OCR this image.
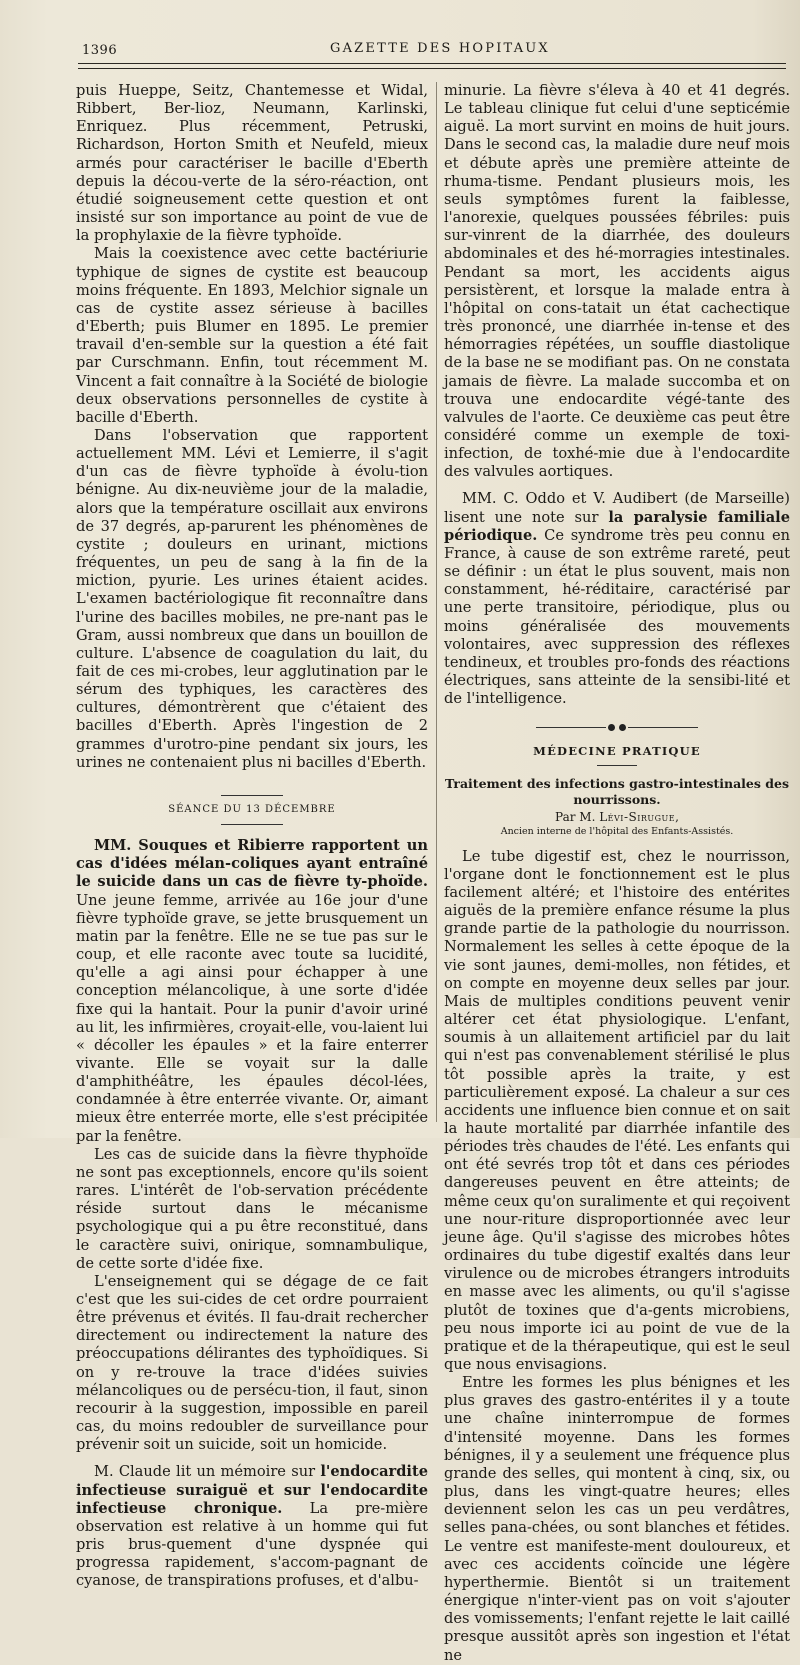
1396	GAZETTE DES HOPITAUX

puis Hueppe, Seitz, Chantemesse et Widal, Ribbert, Ber-lioz, Neumann, Karlinski, Enriquez. Plus récemment, Petruski, Richardson, Horton Smith et Neufeld, mieux armés pour caractériser le bacille d'Eberth depuis la décou-verte de la séro-réaction, ont étudié soigneusement cette question et ont insisté sur son importance au point de vue de la prophylaxie de la fièvre typhoïde.

Mais la coexistence avec cette bactériurie typhique de signes de cystite est beaucoup moins fréquente. En 1893, Melchior signale un cas de cystite assez sérieuse à bacilles d'Eberth; puis Blumer en 1895. Le premier travail d'en-semble sur la question a été fait par Curschmann. Enfin, tout récemment M. Vincent a fait connaître à la Société de biologie deux observations personnelles de cystite à bacille d'Eberth.

Dans l'observation que rapportent actuellement MM. Lévi et Lemierre, il s'agit d'un cas de fièvre typhoïde à évolu-tion bénigne. Au dix-neuvième jour de la maladie, alors que la température oscillait aux environs de 37 degrés, ap-parurent les phénomènes de cystite ; douleurs en urinant, mictions fréquentes, un peu de sang à la fin de la miction, pyurie. Les urines étaient acides. L'examen bactériologique fit reconnaître dans l'urine des bacilles mobiles, ne pre-nant pas le Gram, aussi nombreux que dans un bouillon de culture. L'absence de coagulation du lait, du fait de ces mi-crobes, leur agglutination par le sérum des typhiques, les caractères des cultures, démontrèrent que c'étaient des bacilles d'Eberth. Après l'ingestion de 2 grammes d'urotro-pine pendant six jours, les urines ne contenaient plus ni bacilles d'Eberth.

SÉANCE DU 13 DÉCEMBRE

MM. Souques et Ribierre rapportent un cas d'idées mélan-coliques ayant entraîné le suicide dans un cas de fièvre ty-phoïde. Une jeune femme, arrivée au 16e jour d'une fièvre typhoïde grave, se jette brusquement un matin par la fenêtre. Elle ne se tue pas sur le coup, et elle raconte avec toute sa lucidité, qu'elle a agi ainsi pour échapper à une conception mélancolique, à une sorte d'idée fixe qui la hantait. Pour la punir d'avoir uriné au lit, les infirmières, croyait-elle, vou-laient lui « décoller les épaules » et la faire enterrer vivante. Elle se voyait sur la dalle d'amphithéâtre, les épaules décol-lées, condamnée à être enterrée vivante. Or, aimant mieux être enterrée morte, elle s'est précipitée par la fenêtre.

Les cas de suicide dans la fièvre thyphoïde ne sont pas exceptionnels, encore qu'ils soient rares. L'intérêt de l'ob-servation précédente réside surtout dans le mécanisme psychologique qui a pu être reconstitué, dans le caractère suivi, onirique, somnambulique, de cette sorte d'idée fixe.

L'enseignement qui se dégage de ce fait c'est que les sui-cides de cet ordre pourraient être prévenus et évités. Il fau-drait rechercher directement ou indirectement la nature des préoccupations délirantes des typhoïdiques. Si on y re-trouve la trace d'idées suivies mélancoliques ou de persécu-tion, il faut, sinon recourir à la suggestion, impossible en pareil cas, du moins redoubler de surveillance pour prévenir soit un suicide, soit un homicide.

M. Claude lit un mémoire sur l'endocardite infectieuse suraiguë et sur l'endocardite infectieuse chronique. La pre-mière observation est relative à un homme qui fut pris brus-quement d'une dyspnée qui progressa rapidement, s'accom-pagnant de cyanose, de transpirations profuses, et d'albu-

minurie. La fièvre s'éleva à 40 et 41 degrés. Le tableau clinique fut celui d'une septicémie aiguë. La mort survint en moins de huit jours. Dans le second cas, la maladie dure neuf mois et débute après une première atteinte de rhuma-tisme. Pendant plusieurs mois, les seuls symptômes furent la faiblesse, l'anorexie, quelques poussées fébriles: puis sur-vinrent de la diarrhée, des douleurs abdominales et des hé-morragies intestinales. Pendant sa mort, les accidents aigus persistèrent, et lorsque la malade entra à l'hôpital on cons-tatait un état cachectique très prononcé, une diarrhée in-tense et des hémorragies répétées, un souffle diastolique de la base ne se modifiant pas. On ne constata jamais de fièvre. La malade succomba et on trouva une endocardite végé-tante des valvules de l'aorte. Ce deuxième cas peut être considéré comme un exemple de toxi-infection, de toxhé-mie due à l'endocardite des valvules aortiques.

MM. C. Oddo et V. Audibert (de Marseille) lisent une note sur la paralysie familiale périodique. Ce syndrome très peu connu en France, à cause de son extrême rareté, peut se définir : un état le plus souvent, mais non constamment, hé-réditaire, caractérisé par une perte transitoire, périodique, plus ou moins généralisée des mouvements volontaires, avec suppression des réflexes tendineux, et troubles pro-fonds des réactions électriques, sans atteinte de la sensibi-lité et de l'intelligence.

MÉDECINE PRATIQUE
Traitement des infections gastro-intestinales des nourrissons.
Par M. Lévi-Sirugue,
Ancien interne de l'hôpital des Enfants-Assistés.

Le tube digestif est, chez le nourrisson, l'organe dont le fonctionnement est le plus facilement altéré; et l'histoire des entérites aiguës de la première enfance résume la plus grande partie de la pathologie du nourrisson. Normalement les selles à cette époque de la vie sont jaunes, demi-molles, non fétides, et on compte en moyenne deux selles par jour. Mais de multiples conditions peuvent venir altérer cet état physiologique. L'enfant, soumis à un allaitement artificiel par du lait qui n'est pas convenablement stérilisé le plus tôt possible après la traite, y est particulièrement exposé. La chaleur a sur ces accidents une influence bien connue et on sait la haute mortalité par diarrhée infantile des périodes très chaudes de l'été. Les enfants qui ont été sevrés trop tôt et dans ces périodes dangereuses peuvent en être atteints; de même ceux qu'on suralimente et qui reçoivent une nour-riture disproportionnée avec leur jeune âge. Qu'il s'agisse des microbes hôtes ordinaires du tube digestif exaltés dans leur virulence ou de microbes étrangers introduits en masse avec les aliments, ou qu'il s'agisse plutôt de toxines que d'a-gents microbiens, peu nous importe ici au point de vue de la pratique et de la thérapeutique, qui est le seul que nous envisagions.

Entre les formes les plus bénignes et les plus graves des gastro-entérites il y a toute une chaîne ininterrompue de formes d'intensité moyenne. Dans les formes bénignes, il y a seulement une fréquence plus grande des selles, qui montent à cinq, six, ou plus, dans les vingt-quatre heures; elles deviennent selon les cas un peu verdâtres, selles pana-chées, ou sont blanches et fétides. Le ventre est manifeste-ment douloureux, et avec ces accidents coïncide une légère hyperthermie. Bientôt si un traitement énergique n'inter-vient pas on voit s'ajouter des vomissements; l'enfant rejette le lait caillé presque aussitôt après son ingestion et l'état ne
